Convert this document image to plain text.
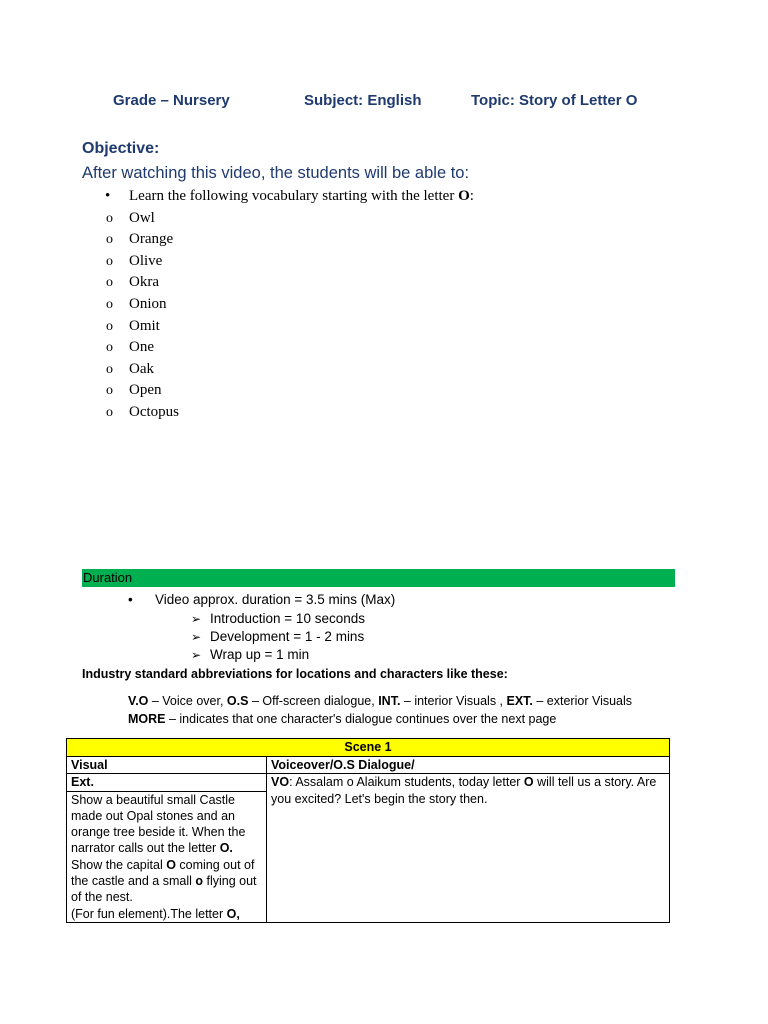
Grade – Nursery	Subject: English	Topic: Story of Letter O
Objective:
After watching this video, the students will be able to:
• Learn the following vocabulary starting with the letter O:
o Owl
o Orange
o Olive
o Okra
o Onion
o Omit
o One
o Oak
o Open
o Octopus
Duration
• Video approx. duration = 3.5 mins (Max)
➢ Introduction = 10 seconds
➢ Development = 1 - 2 mins
➢ Wrap up = 1 min
Industry standard abbreviations for locations and characters like these:
V.O – Voice over, O.S – Off-screen dialogue, INT. – interior Visuals , EXT. – exterior Visuals
MORE – indicates that one character's dialogue continues over the next page
Scene 1	
Visual	Voiceover/O.S Dialogue/
Ext.	VO: Assalam o Alaikum students, today letter O will tell us a story. Are you excited? Let's begin the story then.
Show a beautiful small Castle made out Opal stones and an orange tree beside it. When the narrator calls out the letter O. Show the capital O coming out of the castle and a small o flying out of the nest.
(For fun element).The letter O,	
